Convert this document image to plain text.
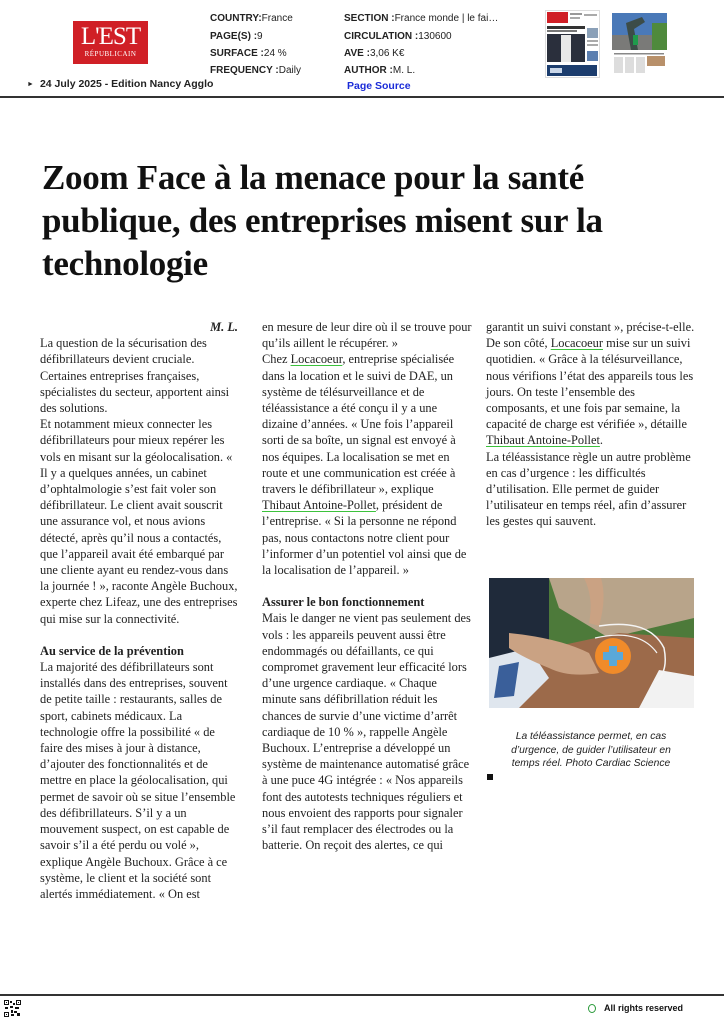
L'EST
RÉPUBLICAIN
COUNTRY:France
PAGE(S) :9
SURFACE :24 %
FREQUENCY :Daily
SECTION :France monde | le fai…
CIRCULATION :130600
AVE :3,06 K€
AUTHOR :M. L.
► 24 July 2025 - Edition Nancy Agglo	Page Source
Zoom Face à la menace pour la santé publique, des entreprises misent sur la technologie

M. L.

La question de la sécurisation des défibrillateurs devient cruciale. Certaines entreprises françaises, spécialistes du secteur, apportent ainsi des solutions.

Et notamment mieux connecter les défibrillateurs pour mieux repérer les vols en misant sur la géolocalisation. « Il y a quelques années, un cabinet d’ophtalmologie s’est fait voler son défibrillateur. Le client avait souscrit une assurance vol, et nous avions détecté, après qu’il nous a contactés, que l’appareil avait été embarqué par une cliente ayant eu rendez-vous dans la journée ! », raconte Angèle Buchoux, experte chez Lifeaz, une des entreprises qui mise sur la connectivité.

Au service de la prévention

La majorité des défibrillateurs sont installés dans des entreprises, souvent de petite taille : restaurants, salles de sport, cabinets médicaux. La technologie offre la possibilité « de faire des mises à jour à distance, d’ajouter des fonctionnalités et de mettre en place la géolocalisation, qui permet de savoir où se situe l’ensemble des défibrillateurs. S’il y a un mouvement suspect, on est capable de savoir s’il a été perdu ou volé », explique Angèle Buchoux. Grâce à ce système, le client et la société sont alertés immédiatement. « On est

en mesure de leur dire où il se trouve pour qu’ils aillent le récupérer. »

Chez Locacoeur, entreprise spécialisée dans la location et le suivi de DAE, un système de télésurveillance et de téléassistance a été conçu il y a une dizaine d’années. « Une fois l’appareil sorti de sa boîte, un signal est envoyé à nos équipes. La localisation se met en route et une communication est créée à travers le défibrillateur », explique Thibaut Antoine-Pollet, président de l’entreprise. « Si la personne ne répond pas, nous contactons notre client pour l’informer d’un potentiel vol ainsi que de la localisation de l’appareil. »

Assurer le bon fonctionnement

Mais le danger ne vient pas seulement des vols : les appareils peuvent aussi être endommagés ou défaillants, ce qui compromet gravement leur efficacité lors d’une urgence cardiaque. « Chaque minute sans défibrillation réduit les chances de survie d’une victime d’arrêt cardiaque de 10 % », rappelle Angèle Buchoux. L’entreprise a développé un système de maintenance automatisé grâce à une puce 4G intégrée : « Nos appareils font des autotests techniques réguliers et nous envoient des rapports pour signaler s’il faut remplacer des électrodes ou la batterie. On reçoit des alertes, ce qui

garantit un suivi constant », précise-t-elle.

De son côté, Locacoeur mise sur un suivi quotidien. « Grâce à la télésurveillance, nous vérifions l’état des appareils tous les jours. On teste l’ensemble des composants, et une fois par semaine, la capacité de charge est vérifiée », détaille Thibaut Antoine-Pollet.

La téléassistance règle un autre problème en cas d’urgence : les difficultés d’utilisation. Elle permet de guider l’utilisateur en temps réel, afin d’assurer les gestes qui sauvent.

La téléassistance permet, en cas d’urgence, de guider l’utilisateur en temps réel. Photo Cardiac Science
All rights reserved
